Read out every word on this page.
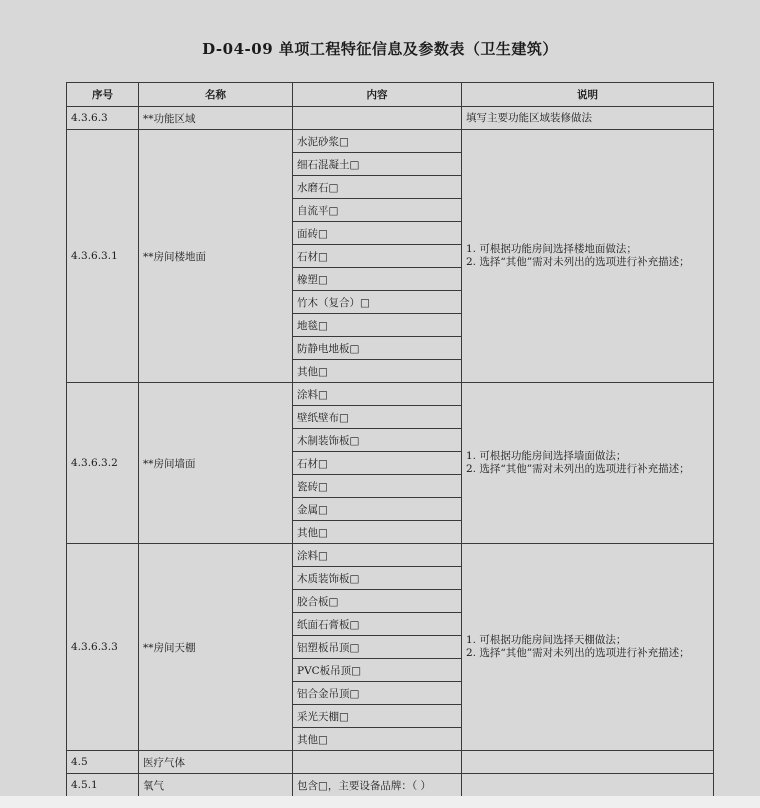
D-04-09 单项工程特征信息及参数表（卫生建筑）
序号	名称	内容	说明
4.3.6.3	**功能区域		填写主要功能区域装修做法
4.3.6.3.1	**房间楼地面	水泥砂浆□	1. 可根据功能房间选择楼地面做法；
2. 选择“其他”需对未列出的选项进行补充描述；

		细石混凝土□	
		水磨石□	
		自流平□	
		面砖□	
		石材□	
		橡塑□	
		竹木（复合）□	
		地毯□	
		防静电地板□	
		其他□	
4.3.6.3.2	**房间墙面	涂料□	1. 可根据功能房间选择墙面做法；
2. 选择“其他”需对未列出的选项进行补充描述；

		壁纸壁布□	
		木制装饰板□	
		石材□	
		瓷砖□	
		金属□	
		其他□	
4.3.6.3.3	**房间天棚	涂料□	1. 可根据功能房间选择天棚做法；
2. 选择“其他”需对未列出的选项进行补充描述；

		木质装饰板□	
		胶合板□	
		纸面石膏板□	
		铝塑板吊顶□	
		PVC板吊顶□	
		铝合金吊顶□	
		采光天棚□	
		其他□	
4.5	医疗气体		
4.5.1	氧气	包含□，主要设备品牌：（ ）	
